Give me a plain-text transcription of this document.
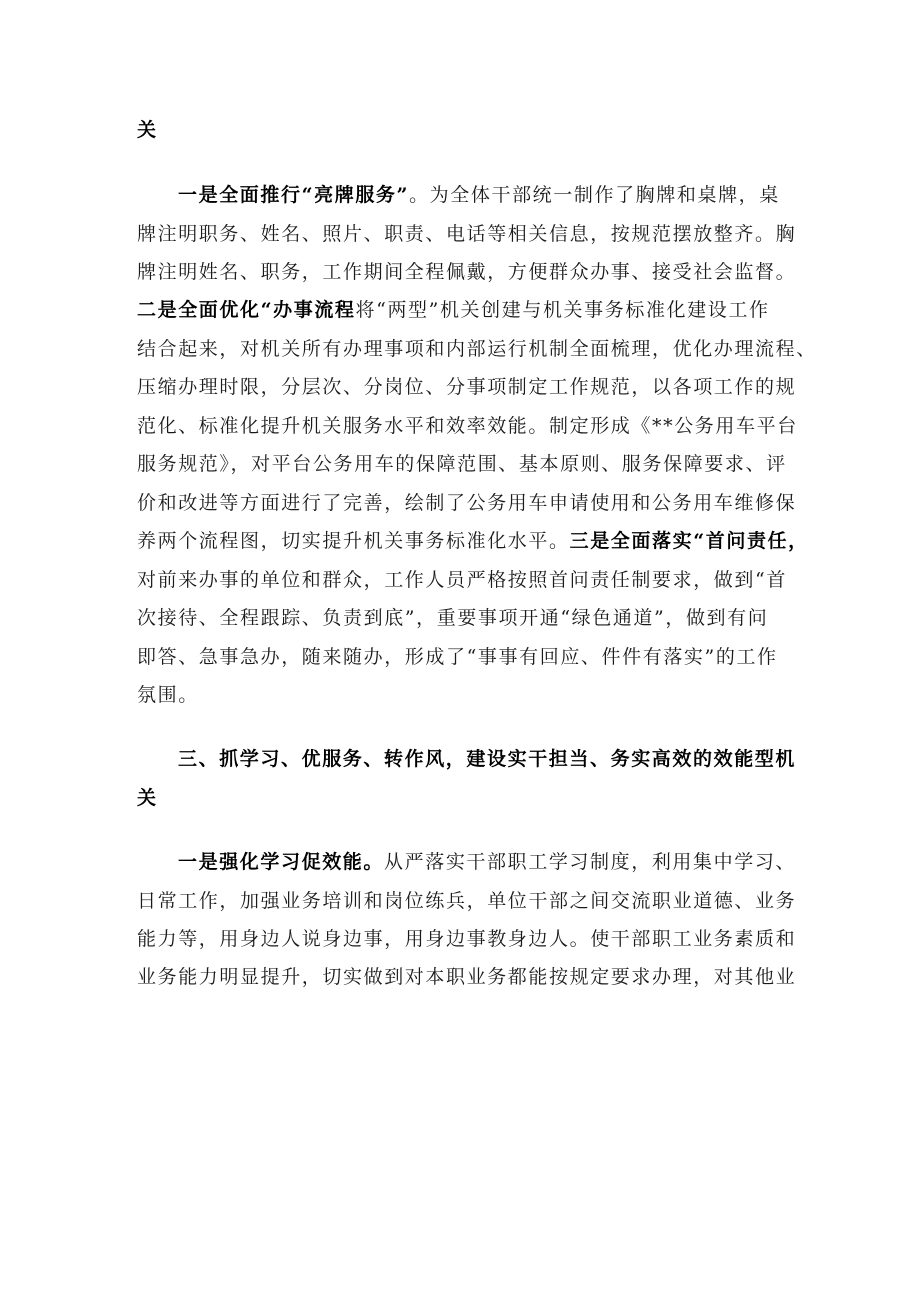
关
一是全面推行“亮牌服务”。为全体干部统一制作了胸牌和桌牌，桌
牌注明职务、姓名、照片、职责、电话等相关信息，按规范摆放整齐。胸
牌注明姓名、职务，工作期间全程佩戴，方便群众办事、接受社会监督。
二是全面优化“办事流程将“两型”机关创建与机关事务标准化建设工作
结合起来，对机关所有办理事项和内部运行机制全面梳理，优化办理流程、
压缩办理时限，分层次、分岗位、分事项制定工作规范，以各项工作的规
范化、标准化提升机关服务水平和效率效能。制定形成《**公务用车平台
服务规范》，对平台公务用车的保障范围、基本原则、服务保障要求、评
价和改进等方面进行了完善，绘制了公务用车申请使用和公务用车维修保
养两个流程图，切实提升机关事务标准化水平。三是全面落实“首问责任，
对前来办事的单位和群众，工作人员严格按照首问责任制要求，做到“首
次接待、全程跟踪、负责到底”，重要事项开通“绿色通道”，做到有问
即答、急事急办，随来随办，形成了“事事有回应、件件有落实”的工作
氛围。
三、抓学习、优服务、转作风，建设实干担当、务实高效的效能型机
关
一是强化学习促效能。从严落实干部职工学习制度，利用集中学习、
日常工作，加强业务培训和岗位练兵，单位干部之间交流职业道德、业务
能力等，用身边人说身边事，用身边事教身边人。使干部职工业务素质和
业务能力明显提升，切实做到对本职业务都能按规定要求办理，对其他业
